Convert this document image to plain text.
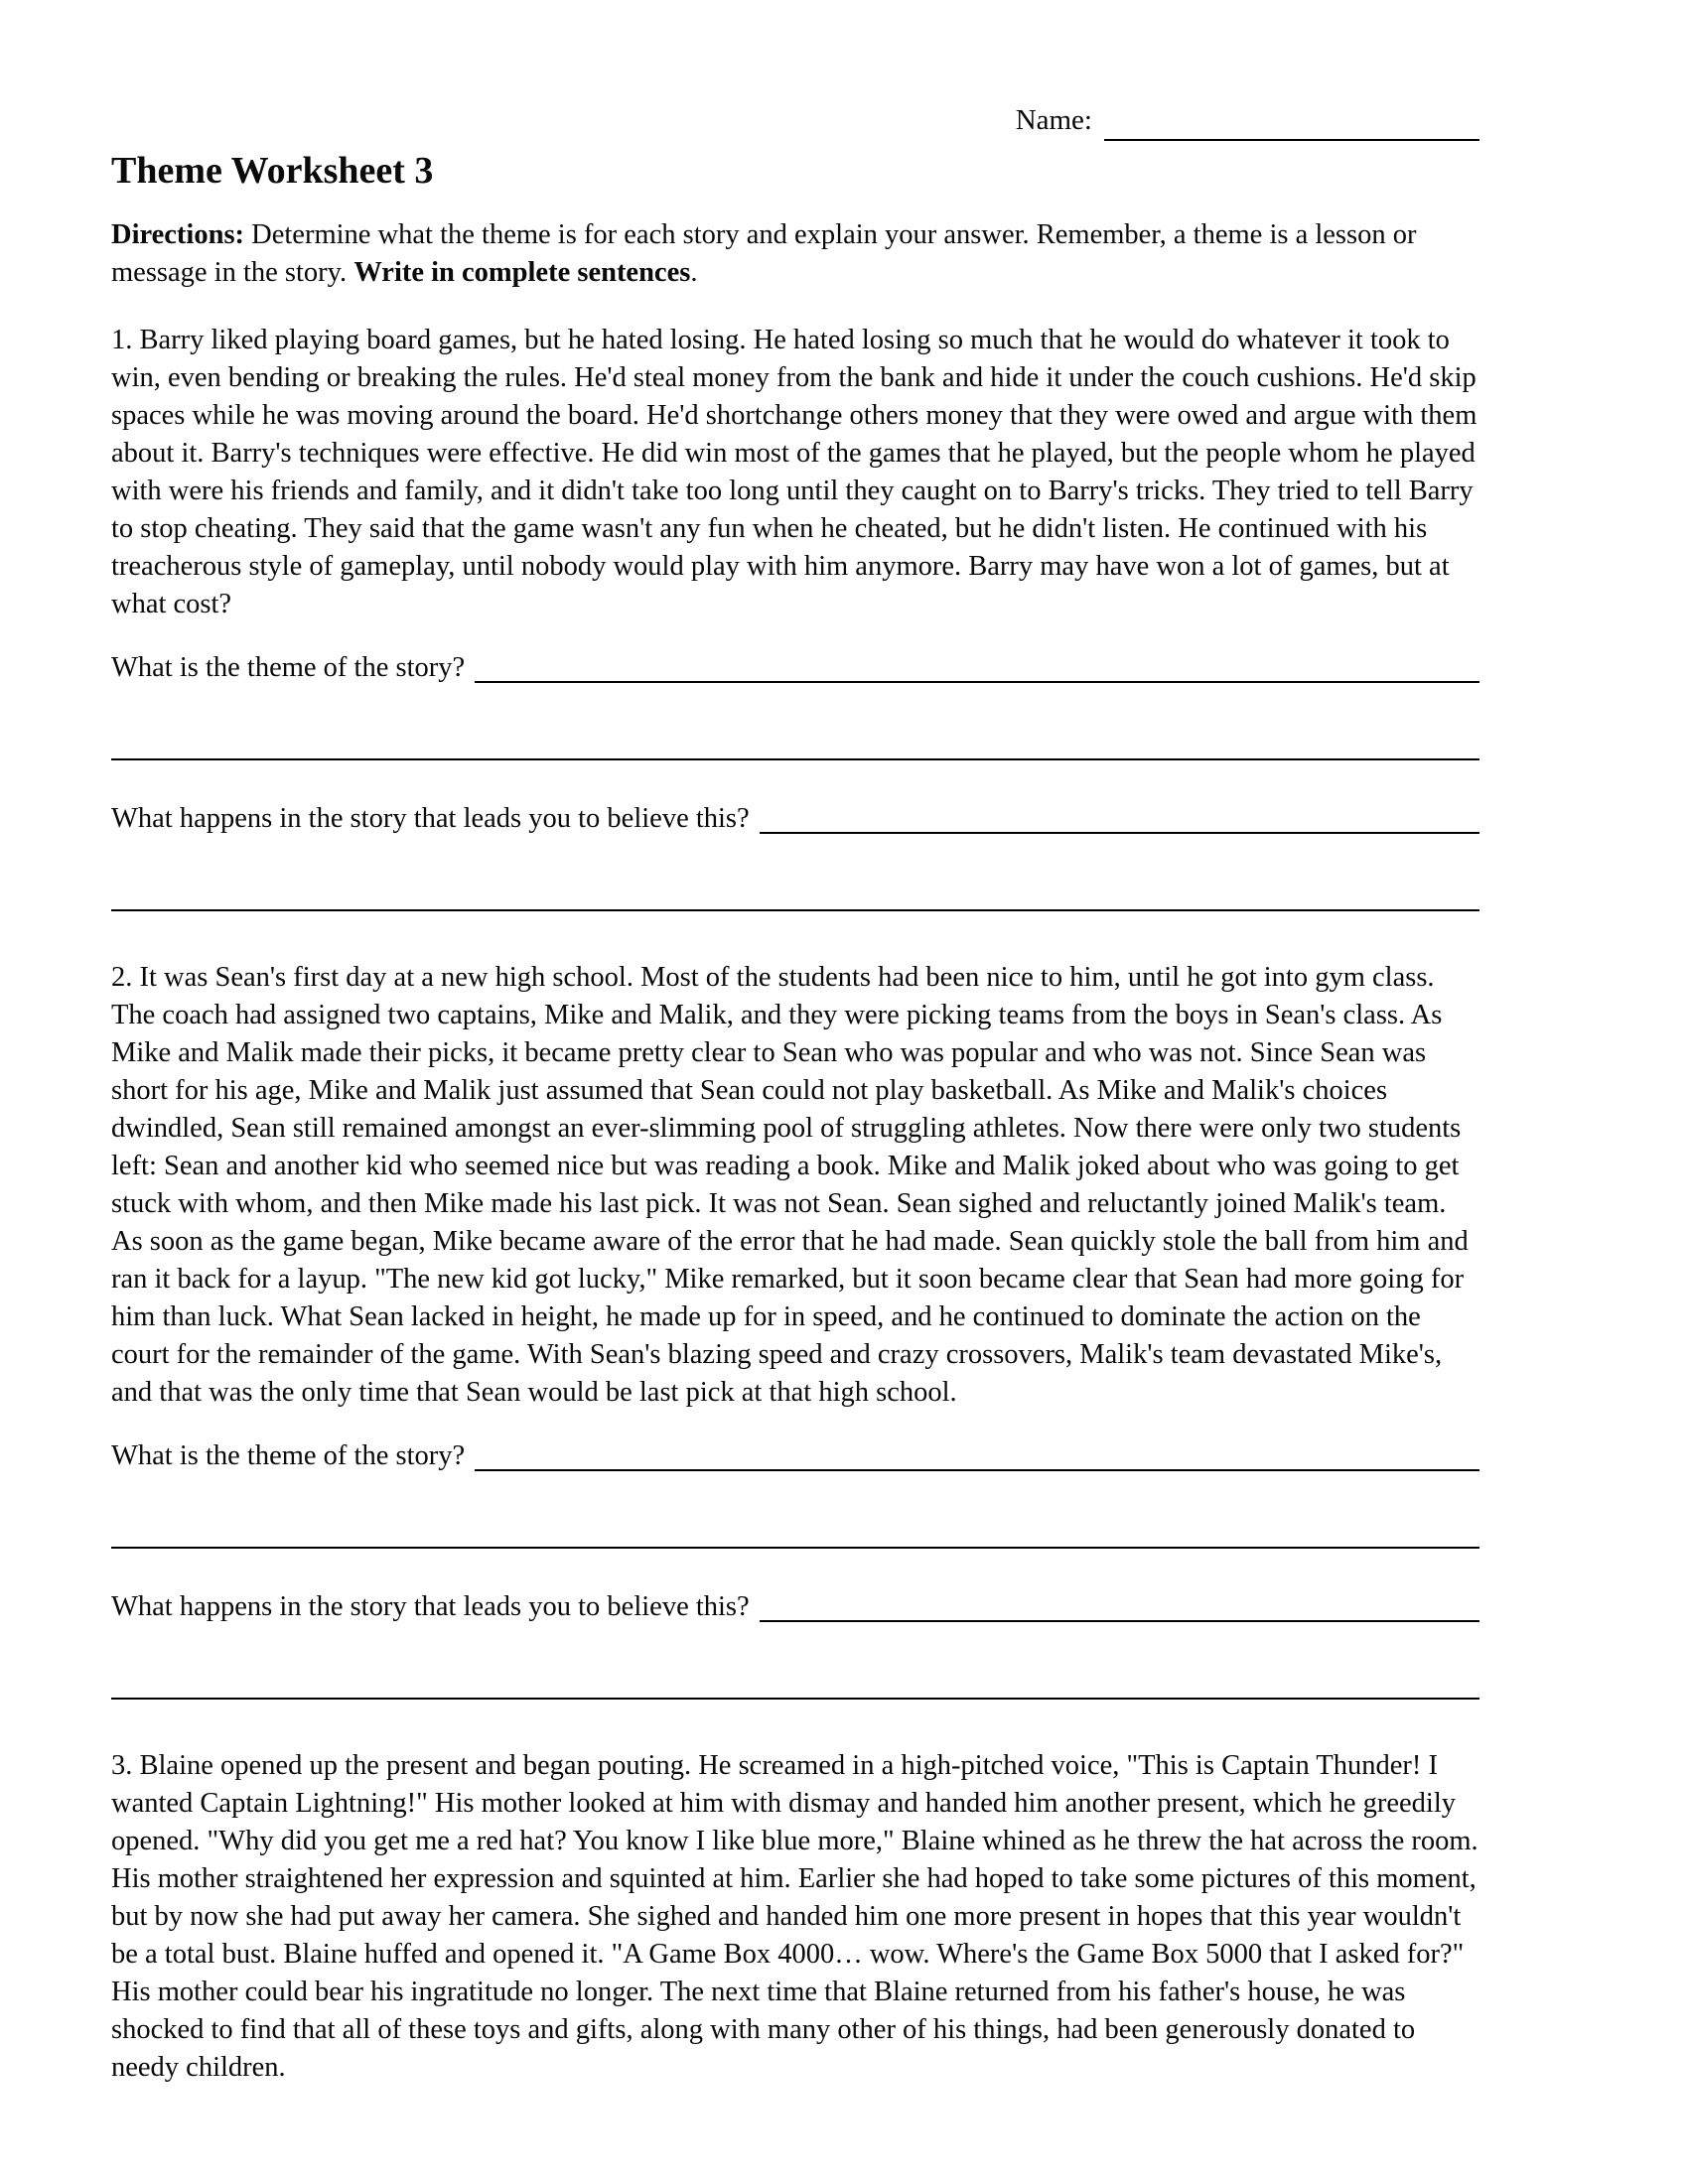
Name:
Theme Worksheet 3

Directions: Determine what the theme is for each story and explain your answer. Remember, a theme is a lesson or message in the story. Write in complete sentences.

1. Barry liked playing board games, but he hated losing. He hated losing so much that he would do whatever it took to win, even bending or breaking the rules. He'd steal money from the bank and hide it under the couch cushions. He'd skip spaces while he was moving around the board. He'd shortchange others money that they were owed and argue with them about it. Barry's techniques were effective. He did win most of the games that he played, but the people whom he played with were his friends and family, and it didn't take too long until they caught on to Barry's tricks. They tried to tell Barry to stop cheating. They said that the game wasn't any fun when he cheated, but he didn't listen. He continued with his treacherous style of gameplay, until nobody would play with him anymore. Barry may have won a lot of games, but at what cost?

What is the theme of the story?
What happens in the story that leads you to believe this?

2. It was Sean's first day at a new high school. Most of the students had been nice to him, until he got into gym class. The coach had assigned two captains, Mike and Malik, and they were picking teams from the boys in Sean's class. As Mike and Malik made their picks, it became pretty clear to Sean who was popular and who was not. Since Sean was short for his age, Mike and Malik just assumed that Sean could not play basketball. As Mike and Malik's choices dwindled, Sean still remained amongst an ever-slimming pool of struggling athletes. Now there were only two students left: Sean and another kid who seemed nice but was reading a book. Mike and Malik joked about who was going to get stuck with whom, and then Mike made his last pick. It was not Sean. Sean sighed and reluctantly joined Malik's team. As soon as the game began, Mike became aware of the error that he had made. Sean quickly stole the ball from him and ran it back for a layup. "The new kid got lucky," Mike remarked, but it soon became clear that Sean had more going for him than luck. What Sean lacked in height, he made up for in speed, and he continued to dominate the action on the court for the remainder of the game. With Sean's blazing speed and crazy crossovers, Malik's team devastated Mike's, and that was the only time that Sean would be last pick at that high school.

What is the theme of the story?
What happens in the story that leads you to believe this?

3. Blaine opened up the present and began pouting. He screamed in a high-pitched voice, "This is Captain Thunder! I wanted Captain Lightning!" His mother looked at him with dismay and handed him another present, which he greedily opened. "Why did you get me a red hat? You know I like blue more," Blaine whined as he threw the hat across the room. His mother straightened her expression and squinted at him. Earlier she had hoped to take some pictures of this moment, but by now she had put away her camera. She sighed and handed him one more present in hopes that this year wouldn't be a total bust. Blaine huffed and opened it. "A Game Box 4000… wow. Where's the Game Box 5000 that I asked for?" His mother could bear his ingratitude no longer. The next time that Blaine returned from his father's house, he was shocked to find that all of these toys and gifts, along with many other of his things, had been generously donated to needy children.
